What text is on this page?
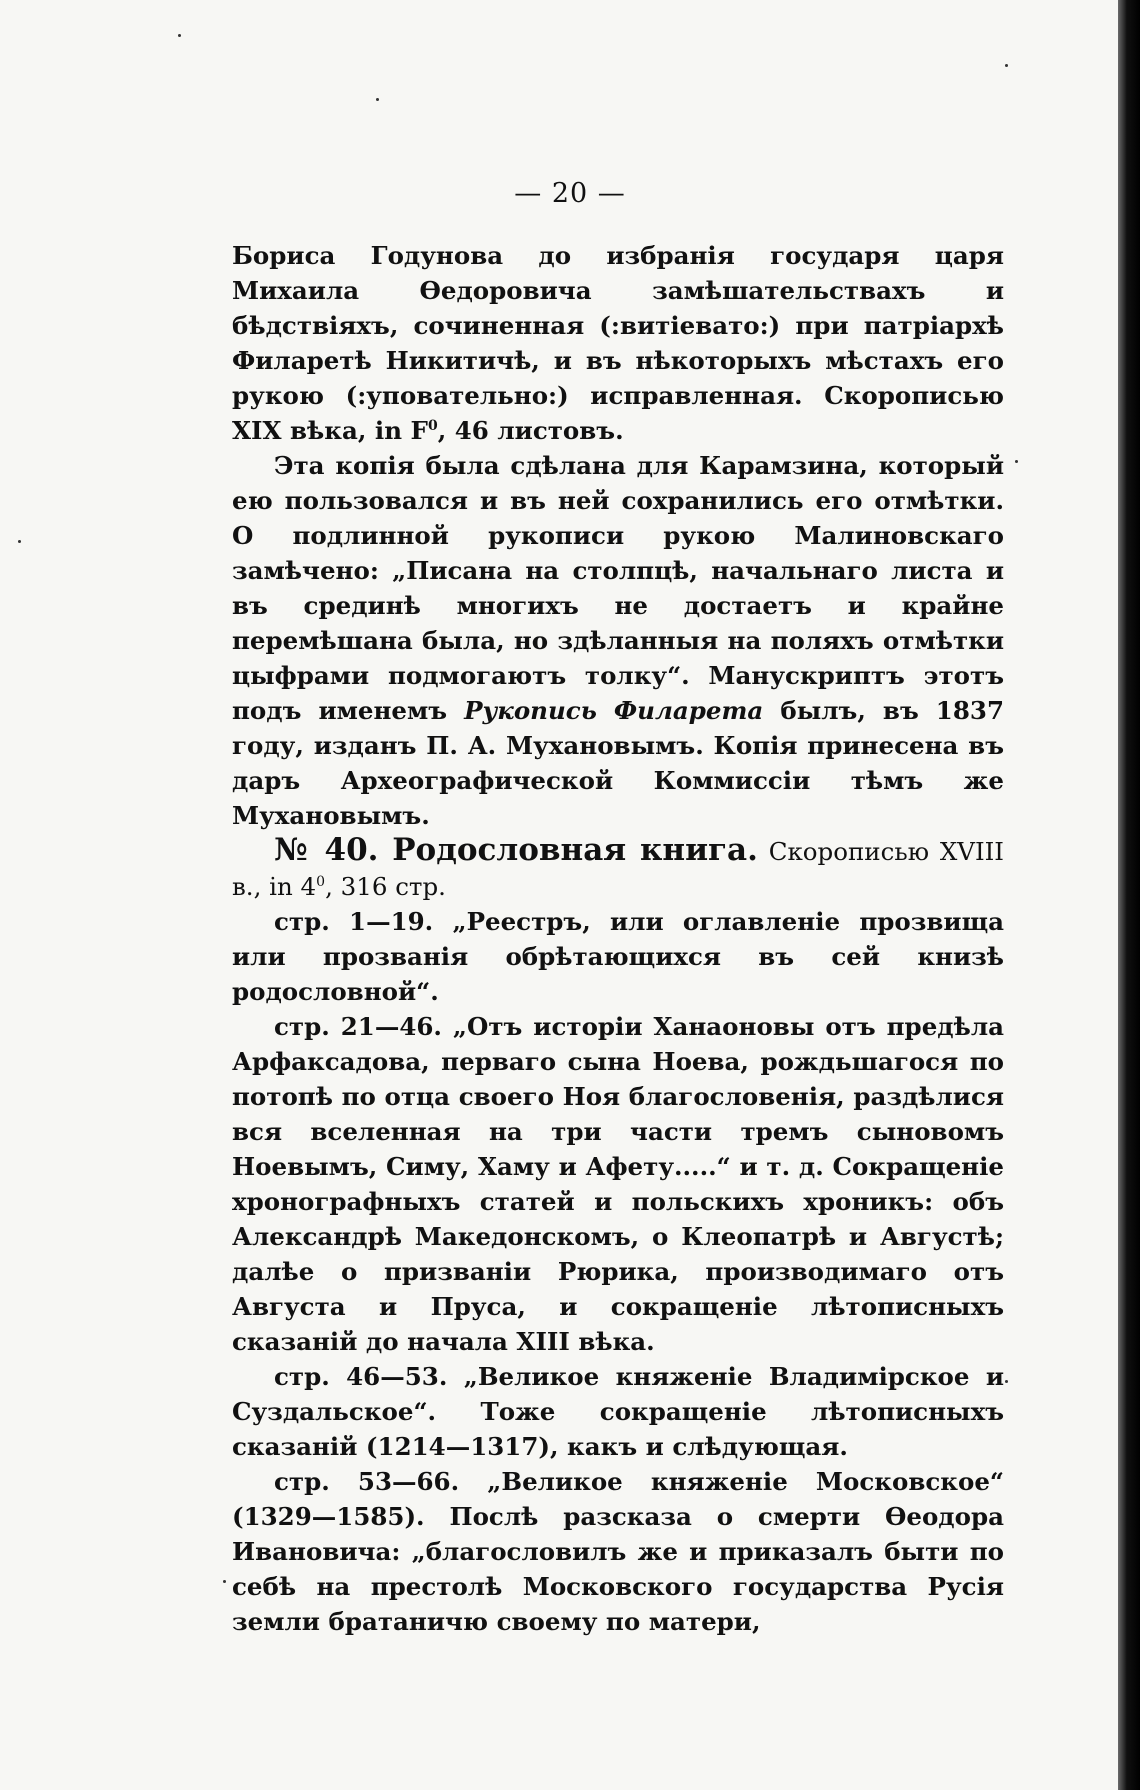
— 20 —

Бориса Годунова до избранія государя царя Михаила Ѳедоровича замѣшательствахъ и бѣдствіяхъ, сочиненная (:витіевато:) при патріархѣ Филаретѣ Никитичѣ, и въ нѣкоторыхъ мѣстахъ его рукою (:уповательно:) исправленная. Скорописью XIX вѣка, in $F^0$, 46 листовъ.

Эта копія была сдѣлана для Карамзина, который ею пользовался и въ ней сохранились его отмѣтки. О подлинной рукописи рукою Малиновскаго замѣчено: „Писана на столпцѣ, начальнаго листа и въ срединѣ многихъ не достаетъ и крайне перемѣшана была, но здѣланныя на поляхъ отмѣтки цыфрами подмогаютъ толку“. Манускриптъ этотъ подъ именемъ Рукопись Филарета былъ, въ 1837 году, изданъ П. А. Мухановымъ. Копія принесена въ даръ Археографической Коммиссіи тѣмъ же Мухановымъ.

№ 40. Родословная книга. Скорописью XVIII в., in $4^0$, 316 стр.

стр. 1—19. „Реестръ, или оглавленіе прозвища или прозванія обрѣтающихся въ сей книзѣ родословной“.

стр. 21—46. „Отъ исторіи Ханаоновы отъ предѣла Арфаксадова, перваго сына Ноева, рождьшагося по потопѣ по отца своего Ноя благословенія, раздѣлися вся вселенная на три части тремъ сыновомъ Ноевымъ, Симу, Хаму и Афету.....“ и т. д. Сокращеніе хронографныхъ статей и польскихъ хроникъ: объ Александрѣ Македонскомъ, о Клеопатрѣ и Августѣ; далѣе о призваніи Рюрика, производимаго отъ Августа и Пруса, и сокращеніе лѣтописныхъ сказаній до начала XIII вѣка.

стр. 46—53. „Великое княженіе Владимірское и Суздальское“. Тоже сокращеніе лѣтописныхъ сказаній (1214—1317), какъ и слѣдующая.

стр. 53—66. „Великое княженіе Московское“ (1329—1585). Послѣ разсказа о смерти Ѳеодора Ивановича: „благословилъ же и приказалъ быти по себѣ на престолѣ Московского государства Русія земли братаничю своему по матери,
